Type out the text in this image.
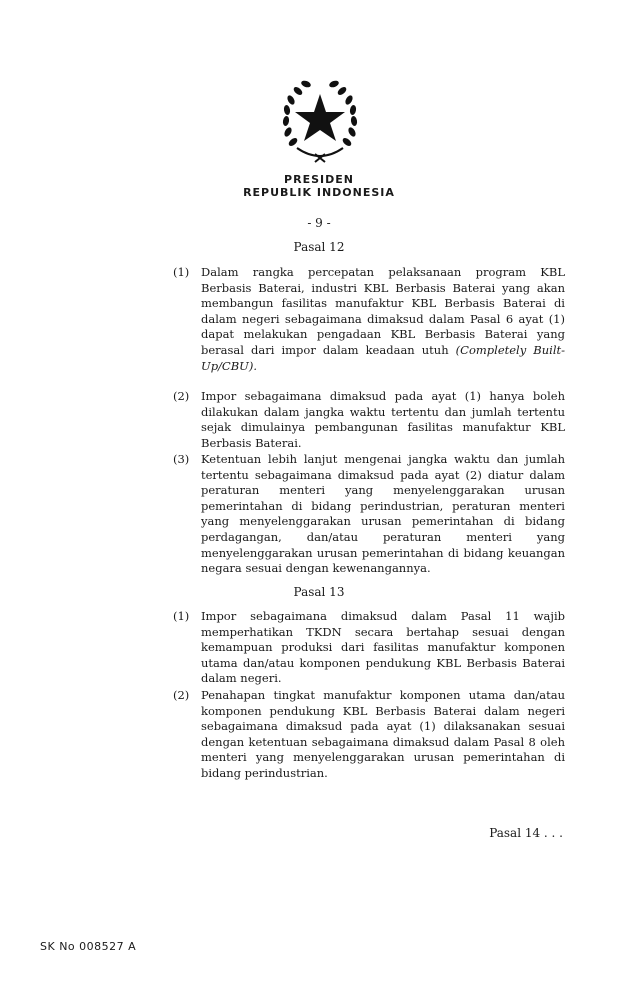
PRESIDEN
REPUBLIK INDONESIA
- 9 -
Pasal 12
(1)	Dalam rangka percepatan pelaksanaan program KBL Berbasis Baterai, industri KBL Berbasis Baterai yang akan membangun fasilitas manufaktur KBL Berbasis Baterai di dalam negeri sebagaimana dimaksud dalam Pasal 6 ayat (1) dapat melakukan pengadaan KBL Berbasis Baterai yang berasal dari impor dalam keadaan utuh (Completely Built-Up/CBU).
(2)	Impor sebagaimana dimaksud pada ayat (1) hanya boleh dilakukan dalam jangka waktu tertentu dan jumlah tertentu sejak dimulainya pembangunan fasilitas manufaktur KBL Berbasis Baterai.
(3)	Ketentuan lebih lanjut mengenai jangka waktu dan jumlah tertentu sebagaimana dimaksud pada ayat (2) diatur dalam peraturan menteri yang menyelenggarakan urusan pemerintahan di bidang perindustrian, peraturan menteri yang menyelenggarakan urusan pemerintahan di bidang perdagangan, dan/atau peraturan menteri yang menyelenggarakan urusan pemerintahan di bidang keuangan negara sesuai dengan kewenangannya.
Pasal 13
(1)	Impor sebagaimana dimaksud dalam Pasal 11 wajib memperhatikan TKDN secara bertahap sesuai dengan kemampuan produksi dari fasilitas manufaktur komponen utama dan/atau komponen pendukung KBL Berbasis Baterai dalam negeri.
(2)	Penahapan tingkat manufaktur komponen utama dan/atau komponen pendukung KBL Berbasis Baterai dalam negeri sebagaimana dimaksud pada ayat (1) dilaksanakan sesuai dengan ketentuan sebagaimana dimaksud dalam Pasal 8 oleh menteri yang menyelenggarakan urusan pemerintahan di bidang perindustrian.
Pasal 14 . . .
SK No 008527 A
